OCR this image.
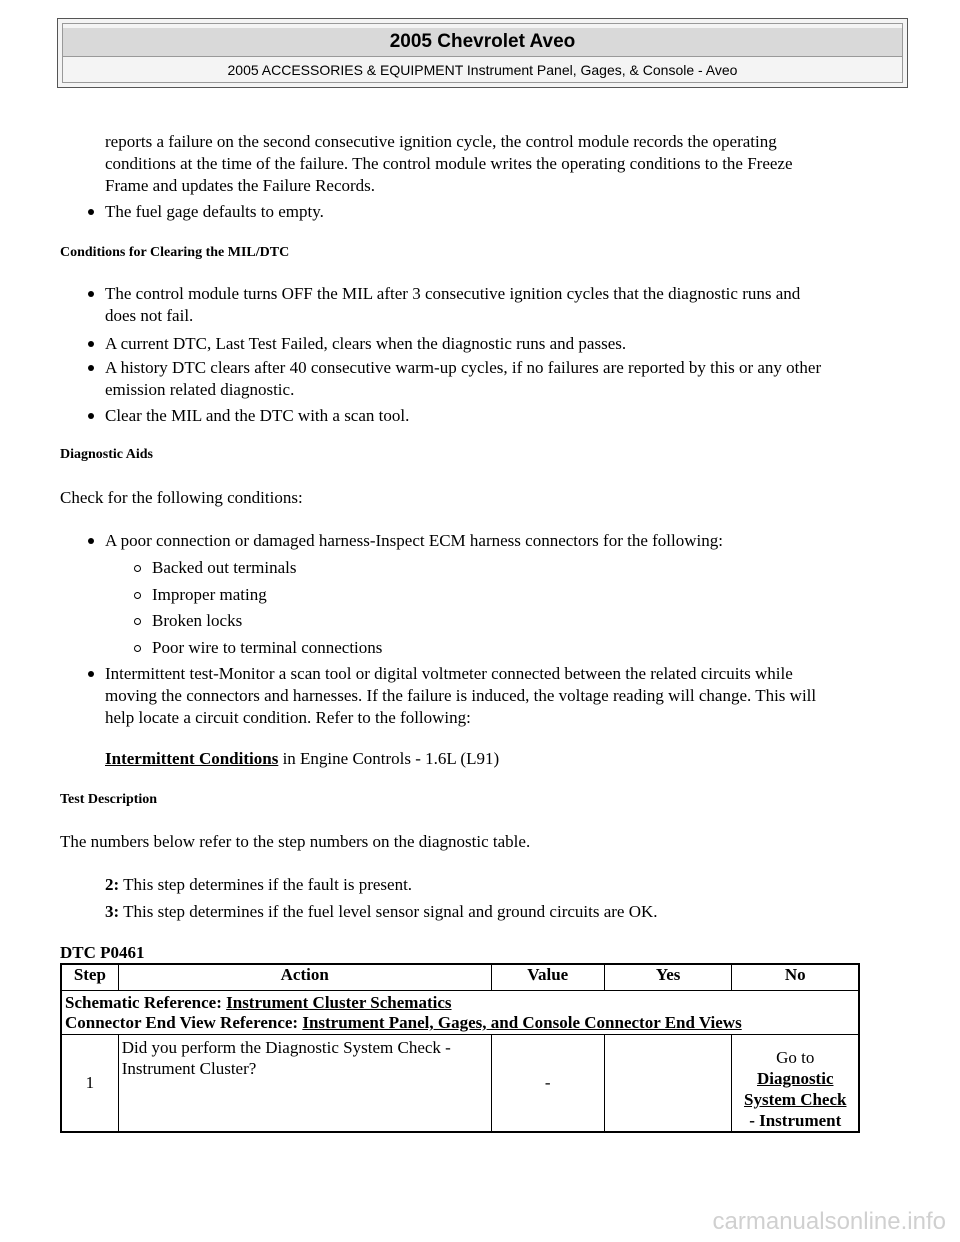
2005 Chevrolet Aveo
2005 ACCESSORIES & EQUIPMENT Instrument Panel, Gages, & Console - Aveo

reports a failure on the second consecutive ignition cycle, the control module records the operating

conditions at the time of the failure. The control module writes the operating conditions to the Freeze

Frame and updates the Failure Records.

The fuel gage defaults to empty.

Conditions for Clearing the MIL/DTC

The control module turns OFF the MIL after 3 consecutive ignition cycles that the diagnostic runs and

does not fail.

A current DTC, Last Test Failed, clears when the diagnostic runs and passes.
A history DTC clears after 40 consecutive warm-up cycles, if no failures are reported by this or any other

emission related diagnostic.

Clear the MIL and the DTC with a scan tool.

Diagnostic Aids

Check for the following conditions:

A poor connection or damaged harness-Inspect ECM harness connectors for the following:
Backed out terminals
Improper mating
Broken locks
Poor wire to terminal connections
Intermittent test-Monitor a scan tool or digital voltmeter connected between the related circuits while

moving the connectors and harnesses. If the failure is induced, the voltage reading will change. This will

help locate a circuit condition. Refer to the following:

Intermittent Conditions in Engine Controls - 1.6L (L91)

Test Description

The numbers below refer to the step numbers on the diagnostic table.

2: This step determines if the fault is present.

3: This step determines if the fuel level sensor signal and ground circuits are OK.

DTC P0461

Step	Action	Value	Yes	No
Schematic Reference: Instrument Cluster Schematics
Connector End View Reference: Instrument Panel, Gages, and Console Connector End Views				
1	Did you perform the Diagnostic System Check -
Instrument Cluster?	-		Go to
Diagnostic
System Check
- Instrument
carmanualsonline.info
